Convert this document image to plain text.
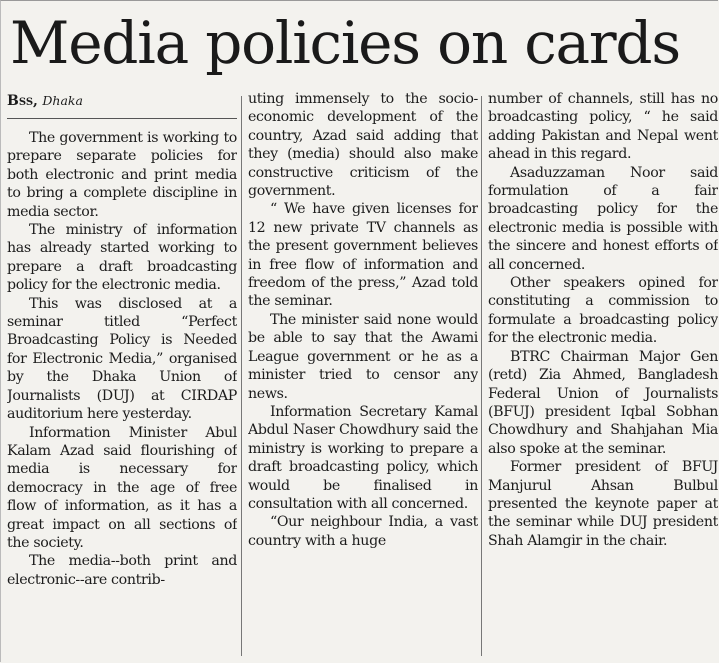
Media policies on cards
Bss, Dhaka

The government is working to prepare separate policies for both electronic and print media to bring a complete discipline in media sector.

The ministry of information has already started working to prepare a draft broadcasting policy for the electronic media.

This was disclosed at a seminar titled “Perfect Broadcasting Policy is Needed for Electronic Media,” organised by the Dhaka Union of Journalists (DUJ) at CIRDAP auditorium here yesterday.

Information Minister Abul Kalam Azad said flourishing of media is necessary for democracy in the age of free flow of information, as it has a great impact on all sections of the society.

The media--both print and electronic--are contrib-

uting immensely to the socio-economic development of the country, Azad said adding that they (media) should also make constructive criticism of the government.

“ We have given licenses for 12 new private TV channels as the present government believes in free flow of information and freedom of the press,” Azad told the seminar.

The minister said none would be able to say that the Awami League government or he as a minister tried to censor any news.

Information Secretary Kamal Abdul Naser Chowdhury said the ministry is working to prepare a draft broadcasting policy, which would be finalised in consultation with all concerned.

“Our neighbour India, a vast country with a huge

number of channels, still has no broadcasting policy, “ he said adding Pakistan and Nepal went ahead in this regard.

Asaduzzaman Noor said formulation of a fair broadcasting policy for the electronic media is possible with the sincere and honest efforts of all concerned.

Other speakers opined for constituting a commission to formulate a broadcasting policy for the electronic media.

BTRC Chairman Major Gen (retd) Zia Ahmed, Bangladesh Federal Union of Journalists (BFUJ) president Iqbal Sobhan Chowdhury and Shahjahan Mia also spoke at the seminar.

Former president of BFUJ Manjurul Ahsan Bulbul presented the keynote paper at the seminar while DUJ president Shah Alamgir in the chair.
